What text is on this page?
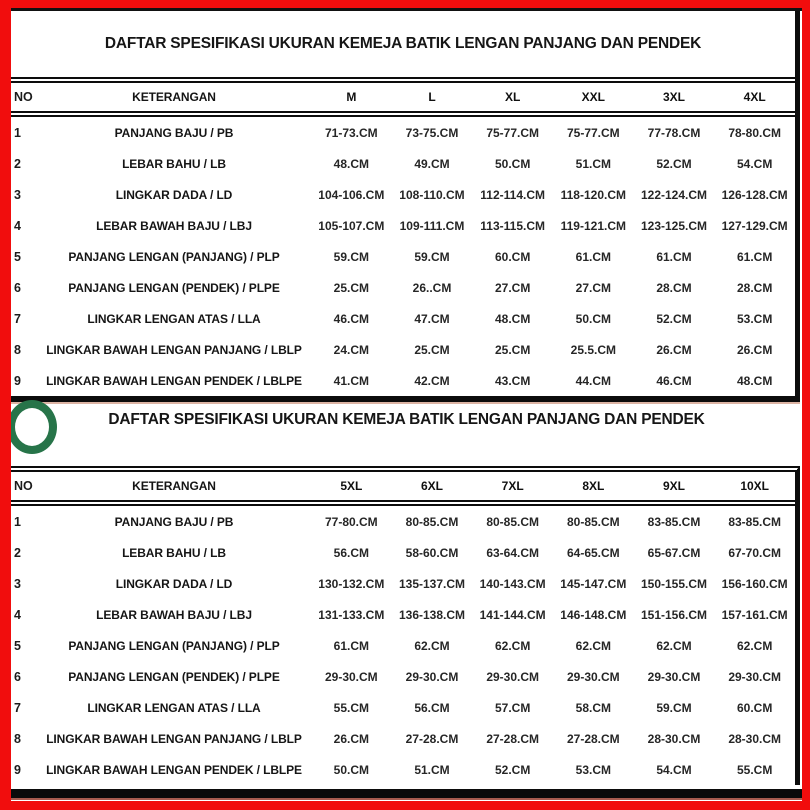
DAFTAR SPESIFIKASI UKURAN KEMEJA BATIK LENGAN PANJANG DAN PENDEK
NO	KETERANGAN	M	L	XL	XXL	3XL	4XL
1	PANJANG BAJU / PB	71-73.CM	73-75.CM	75-77.CM	75-77.CM	77-78.CM	78-80.CM
2	LEBAR BAHU / LB	48.CM	49.CM	50.CM	51.CM	52.CM	54.CM
3	LINGKAR DADA / LD	104-106.CM	108-110.CM	112-114.CM	118-120.CM	122-124.CM	126-128.CM
4	LEBAR BAWAH BAJU / LBJ	105-107.CM	109-111.CM	113-115.CM	119-121.CM	123-125.CM	127-129.CM
5	PANJANG LENGAN (PANJANG) / PLP	59.CM	59.CM	60.CM	61.CM	61.CM	61.CM
6	PANJANG LENGAN (PENDEK) / PLPE	25.CM	26..CM	27.CM	27.CM	28.CM	28.CM
7	LINGKAR LENGAN ATAS / LLA	46.CM	47.CM	48.CM	50.CM	52.CM	53.CM
8	LINGKAR BAWAH LENGAN PANJANG / LBLP	24.CM	25.CM	25.CM	25.5.CM	26.CM	26.CM
9	LINGKAR BAWAH LENGAN PENDEK / LBLPE	41.CM	42.CM	43.CM	44.CM	46.CM	48.CM
DAFTAR SPESIFIKASI UKURAN KEMEJA BATIK LENGAN PANJANG DAN PENDEK
NO	KETERANGAN	5XL	6XL	7XL	8XL	9XL	10XL
1	PANJANG BAJU / PB	77-80.CM	80-85.CM	80-85.CM	80-85.CM	83-85.CM	83-85.CM
2	LEBAR BAHU / LB	56.CM	58-60.CM	63-64.CM	64-65.CM	65-67.CM	67-70.CM
3	LINGKAR DADA / LD	130-132.CM	135-137.CM	140-143.CM	145-147.CM	150-155.CM	156-160.CM
4	LEBAR BAWAH BAJU / LBJ	131-133.CM	136-138.CM	141-144.CM	146-148.CM	151-156.CM	157-161.CM
5	PANJANG LENGAN (PANJANG) / PLP	61.CM	62.CM	62.CM	62.CM	62.CM	62.CM
6	PANJANG LENGAN (PENDEK) / PLPE	29-30.CM	29-30.CM	29-30.CM	29-30.CM	29-30.CM	29-30.CM
7	LINGKAR LENGAN ATAS / LLA	55.CM	56.CM	57.CM	58.CM	59.CM	60.CM
8	LINGKAR BAWAH LENGAN PANJANG / LBLP	26.CM	27-28.CM	27-28.CM	27-28.CM	28-30.CM	28-30.CM
9	LINGKAR BAWAH LENGAN PENDEK / LBLPE	50.CM	51.CM	52.CM	53.CM	54.CM	55.CM
